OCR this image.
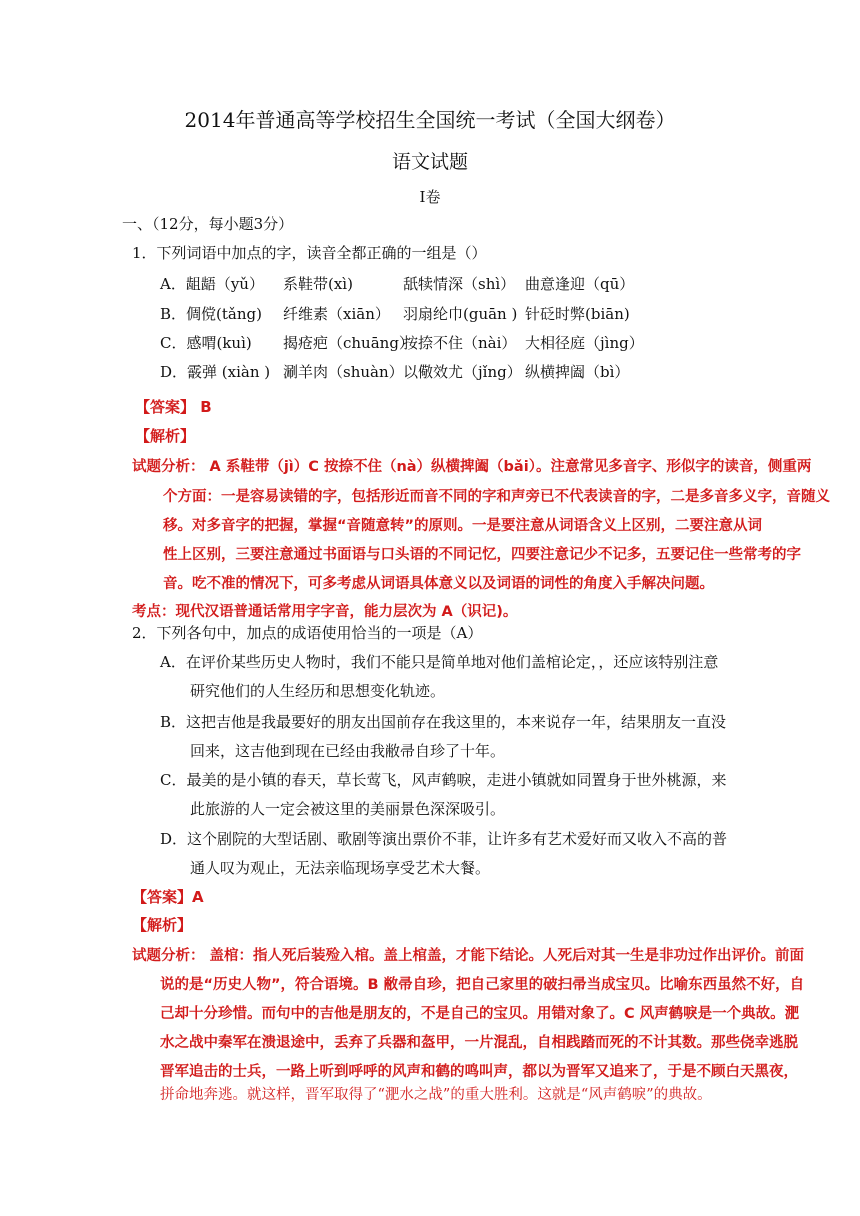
2014年普通高等学校招生全国统一考试（全国大纲卷）
语文试题
I卷
一、（12分，每小题3分）
1．下列词语中加点的字，读音全都正确的一组是（）
A．龃龉（yǔ） 系鞋带(xì)	舐犊情深（shì） 曲意逢迎（qū）
B．倜傥(tǎng) 纤维素（xiān） 羽扇纶巾(guān ) 针砭时弊(biān)
C．感喟(kuì) 揭疮疤（chuāng）
按捺不住（nài） 大相径庭（jìng）
D．霰弹 (xiàn ) 涮羊肉（shuàn） 以儆效尤（jǐng） 纵横捭阖（bì）
【答案】 B
【解析】
试题分析： A 系鞋带（jì）C 按捺不住（nà）纵横捭阖（bǎi）。注意常见多音字、形似字的读音，侧重两
个方面：一是容易读错的字，包括形近而音不同的字和声旁已不代表读音的字，二是多音多义字，音随义
移。对多音字的把握，掌握“音随意转”的原则。一是要注意从词语含义上区别，二要注意从词
性上区别，三要注意通过书面语与口头语的不同记忆，四要注意记少不记多，五要记住一些常考的字
音。吃不准的情况下，可多考虑从词语具体意义以及词语的词性的角度入手解决问题。
考点：现代汉语普通话常用字字音，能力层次为 A（识记)。
2．下列各句中，加点的成语使用恰当的一项是（A）
A．在评价某些历史人物时，我们不能只是简单地对他们盖棺论定，，还应该特别注意
研究他们的人生经历和思想变化轨迹。
B．这把吉他是我最要好的朋友出国前存在我这里的，本来说存一年，结果朋友一直没
回来，这吉他到现在已经由我敝帚自珍了十年。
C．最美的是小镇的春天，草长莺飞，风声鹤唳，走进小镇就如同置身于世外桃源，来
此旅游的人一定会被这里的美丽景色深深吸引。
D．这个剧院的大型话剧、歌剧等演出票价不菲，让许多有艺术爱好而又收入不高的普
通人叹为观止，无法亲临现场享受艺术大餐。
【答案】A
【解析】
试题分析： 盖棺：指人死后装殓入棺。盖上棺盖，才能下结论。人死后对其一生是非功过作出评价。前面
说的是“历史人物”，符合语境。B 敝帚自珍，把自己家里的破扫帚当成宝贝。比喻东西虽然不好，自
己却十分珍惜。而句中的吉他是朋友的，不是自己的宝贝。用错对象了。C 风声鹤唳是一个典故。淝
水之战中秦军在溃退途中，丢弃了兵器和盔甲，一片混乱，自相践踏而死的不计其数。那些侥幸逃脱
晋军追击的士兵，一路上听到呼呼的风声和鹤的鸣叫声，都以为晋军又追来了，于是不顾白天黑夜，
拼命地奔逃。就这样，晋军取得了“淝水之战”的重大胜利。这就是“风声鹤唳”的典故。
